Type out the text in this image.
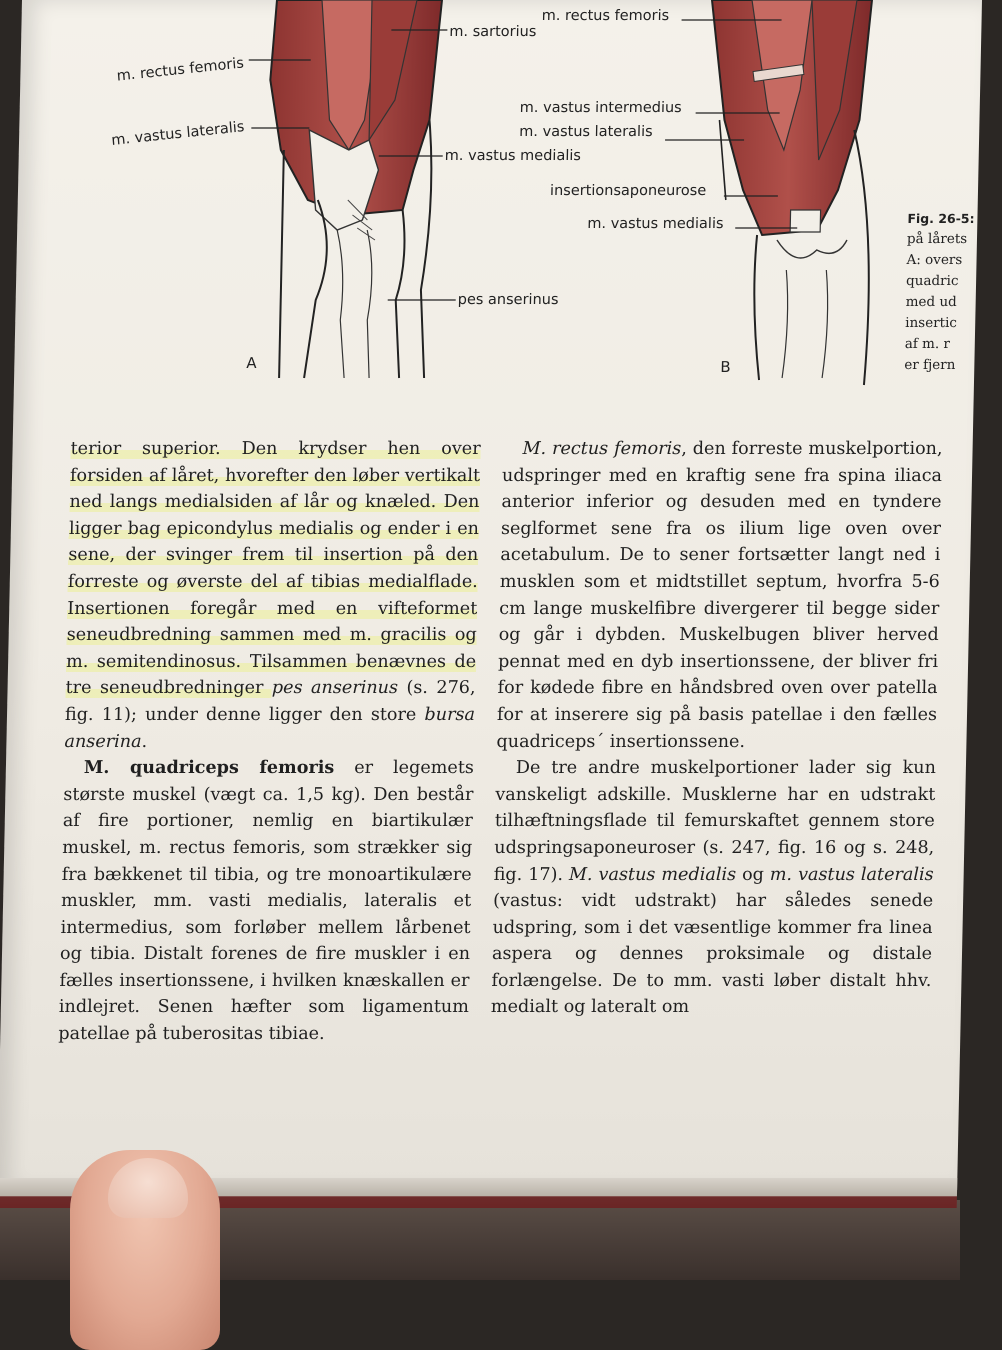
m. sartorius
m. rectus femoris
m. vastus lateralis
m. vastus medialis
pes anserinus
A
m. rectus femoris
m. vastus intermedius
m. vastus lateralis
insertionsaponeurose
m. vastus medialis
B
Fig. 26-5:
på lårets
A: overs
quadric
med ud
insertic
af m. r
er fjern

terior superior. Den krydser hen over forsiden af låret, hvorefter den løber vertikalt ned langs medialsiden af lår og knæled. Den ligger bag epicondylus medialis og ender i en sene, der svinger frem til insertion på den forreste og øverste del af tibias medialflade. Insertionen foregår med en vifteformet seneudbredning sammen med m. gracilis og m. semitendinosus. Tilsammen benævnes de tre seneudbredninger pes anserinus (s. 276, fig. 11); under denne ligger den store bursa anserina.

M. quadriceps femoris er legemets største muskel (vægt ca. 1,5 kg). Den består af fire portioner, nemlig en biartikulær muskel, m. rectus femoris, som strækker sig fra bækkenet til tibia, og tre monoartikulære muskler, mm. vasti medialis, lateralis et intermedius, som forløber mellem lårbenet og tibia. Distalt forenes de fire muskler i en fælles insertionssene, i hvilken knæskallen er indlejret. Senen hæfter som ligamentum patellae på tuberositas tibiae.

M. rectus femoris, den forreste muskelportion, udspringer med en kraftig sene fra spina iliaca anterior inferior og desuden med en tyndere seglformet sene fra os ilium lige oven over acetabulum. De to sener fortsætter langt ned i musklen som et midtstillet septum, hvorfra 5-6 cm lange muskelfibre divergerer til begge sider og går i dybden. Muskelbugen bliver herved pennat med en dyb insertionssene, der bliver fri for kødede fibre en håndsbred oven over patella for at inserere sig på basis patellae i den fælles quadriceps´ insertionssene.

De tre andre muskelportioner lader sig kun vanskeligt adskille. Musklerne har en udstrakt tilhæftningsflade til femurskaftet gennem store udspringsaponeuroser (s. 247, fig. 16 og s. 248, fig. 17). M. vastus medialis og m. vastus lateralis (vastus: vidt udstrakt) har således senede udspring, som i det væsentlige kommer fra linea aspera og dennes proksimale og distale forlængelse. De to mm. vasti løber distalt hhv. medialt og lateralt om
